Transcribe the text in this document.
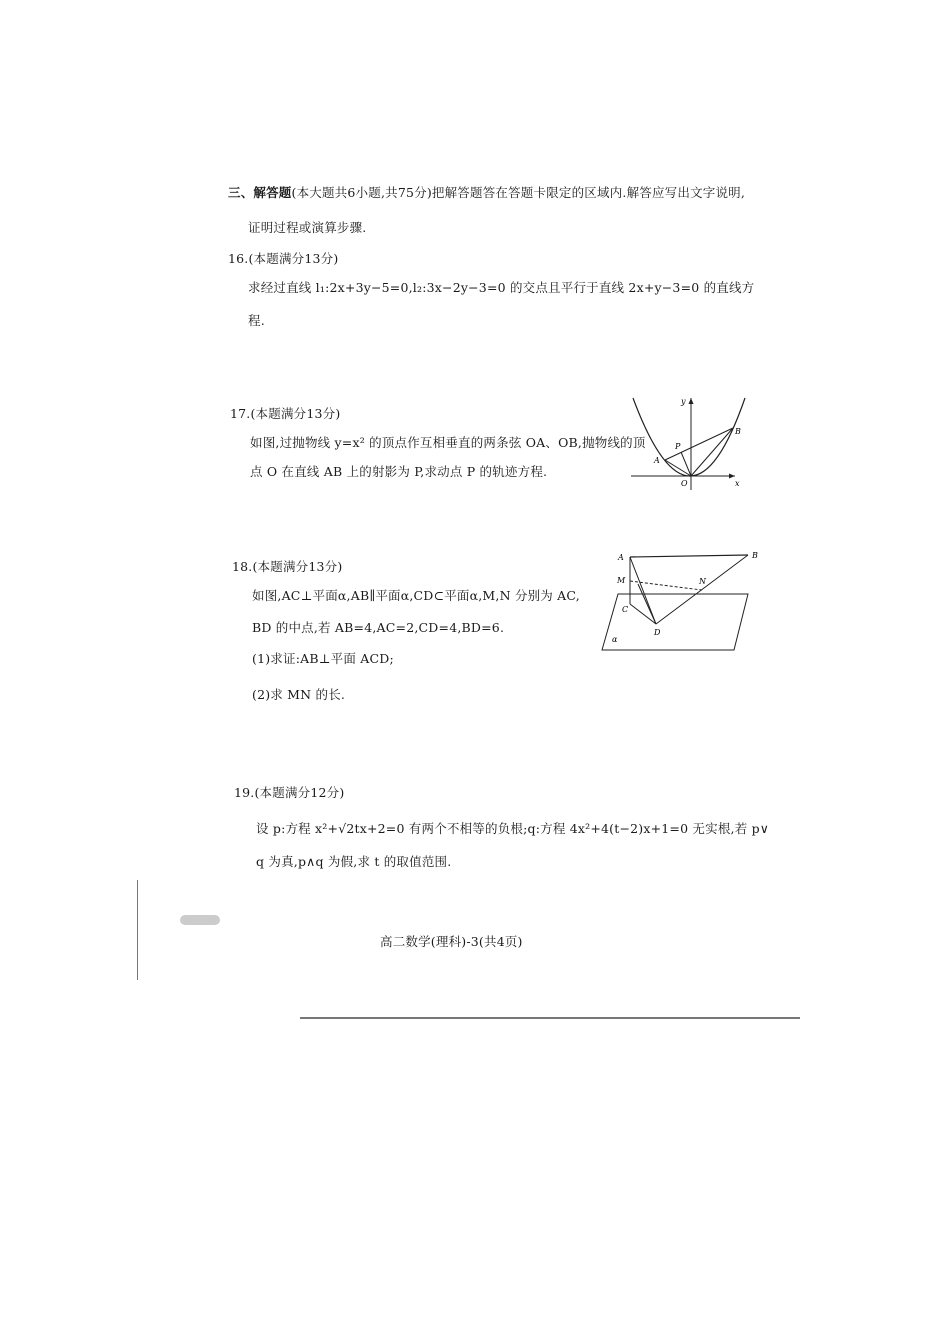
三、解答题(本大题共6小题,共75分)把解答题答在答题卡限定的区域内.解答应写出文字说明,
证明过程或演算步骤.
16.(本题满分13分)
求经过直线 l₁:2x+3y−5=0,l₂:3x−2y−3=0 的交点且平行于直线 2x+y−3=0 的直线方
程.
17.(本题满分13分)
如图,过抛物线 y=x² 的顶点作互相垂直的两条弦 OA、OB,抛物线的顶
点 O 在直线 AB 上的射影为 P,求动点 P 的轨迹方程.
y
x
O
A
B
P
18.(本题满分13分)
如图,AC⊥平面α,AB∥平面α,CD⊂平面α,M,N 分别为 AC,
BD 的中点,若 AB=4,AC=2,CD=4,BD=6.
(1)求证:AB⊥平面 ACD;
(2)求 MN 的长.
A	B
M	N
C
D
α
19.(本题满分12分)
设 p:方程 x²+√2tx+2=0 有两个不相等的负根;q:方程 4x²+4(t−2)x+1=0 无实根,若 p∨
q 为真,p∧q 为假,求 t 的取值范围.
高二数学(理科)-3(共4页)
